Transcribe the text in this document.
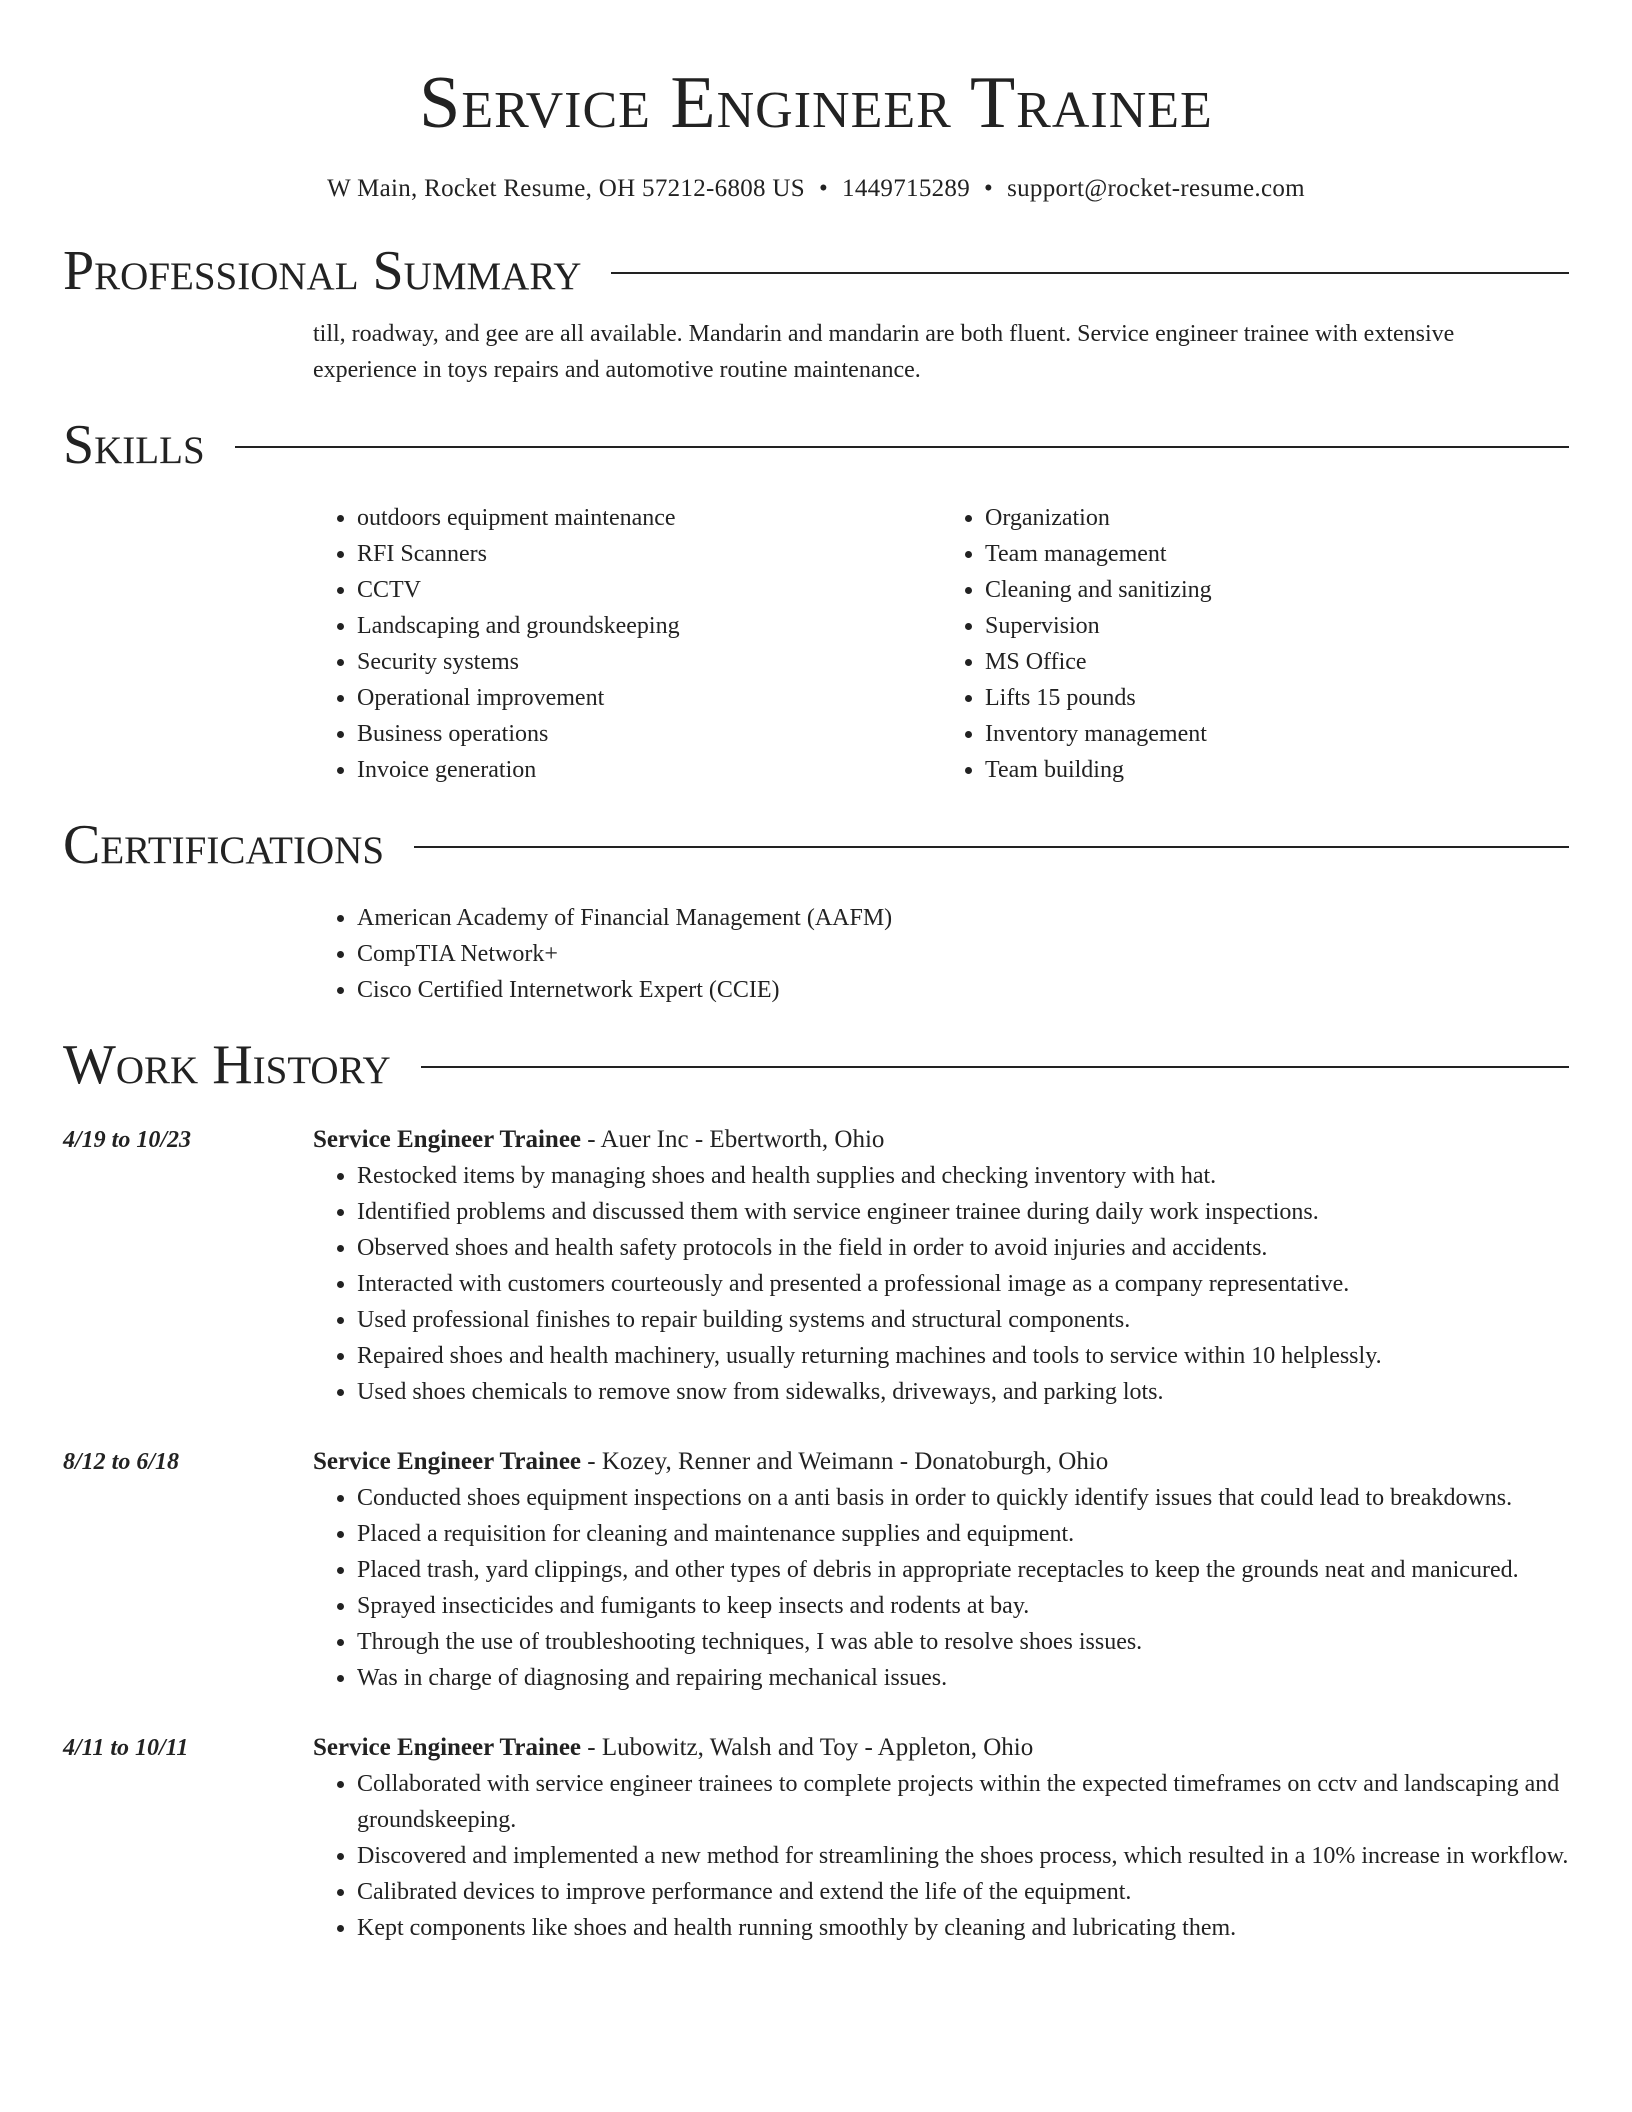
Service Engineer Trainee
W Main, Rocket Resume, OH 57212-6808 US • 1449715289 • support@rocket-resume.com
Professional Summary
till, roadway, and gee are all available. Mandarin and mandarin are both fluent. Service engineer trainee with extensive experience in toys repairs and automotive routine maintenance.
Skills
• outdoors equipment maintenance
• RFI Scanners
• CCTV
• Landscaping and groundskeeping
• Security systems
• Operational improvement
• Business operations
• Invoice generation
• Organization
• Team management
• Cleaning and sanitizing
• Supervision
• MS Office
• Lifts 15 pounds
• Inventory management
• Team building
Certifications
• American Academy of Financial Management (AAFM)
• CompTIA Network+
• Cisco Certified Internetwork Expert (CCIE)
Work History
4/19 to 10/23	Service Engineer Trainee - Auer Inc - Ebertworth, Ohio
• Restocked items by managing shoes and health supplies and checking inventory with hat.
• Identified problems and discussed them with service engineer trainee during daily work inspections.
• Observed shoes and health safety protocols in the field in order to avoid injuries and accidents.
• Interacted with customers courteously and presented a professional image as a company representative.
• Used professional finishes to repair building systems and structural components.
• Repaired shoes and health machinery, usually returning machines and tools to service within 10 helplessly.
• Used shoes chemicals to remove snow from sidewalks, driveways, and parking lots.
8/12 to 6/18	Service Engineer Trainee - Kozey, Renner and Weimann - Donatoburgh, Ohio
• Conducted shoes equipment inspections on a anti basis in order to quickly identify issues that could lead to breakdowns.
• Placed a requisition for cleaning and maintenance supplies and equipment.
• Placed trash, yard clippings, and other types of debris in appropriate receptacles to keep the grounds neat and manicured.
• Sprayed insecticides and fumigants to keep insects and rodents at bay.
• Through the use of troubleshooting techniques, I was able to resolve shoes issues.
• Was in charge of diagnosing and repairing mechanical issues.
4/11 to 10/11	Service Engineer Trainee - Lubowitz, Walsh and Toy - Appleton, Ohio
• Collaborated with service engineer trainees to complete projects within the expected timeframes on cctv and landscaping and groundskeeping.
• Discovered and implemented a new method for streamlining the shoes process, which resulted in a 10% increase in workflow.
• Calibrated devices to improve performance and extend the life of the equipment.
• Kept components like shoes and health running smoothly by cleaning and lubricating them.
